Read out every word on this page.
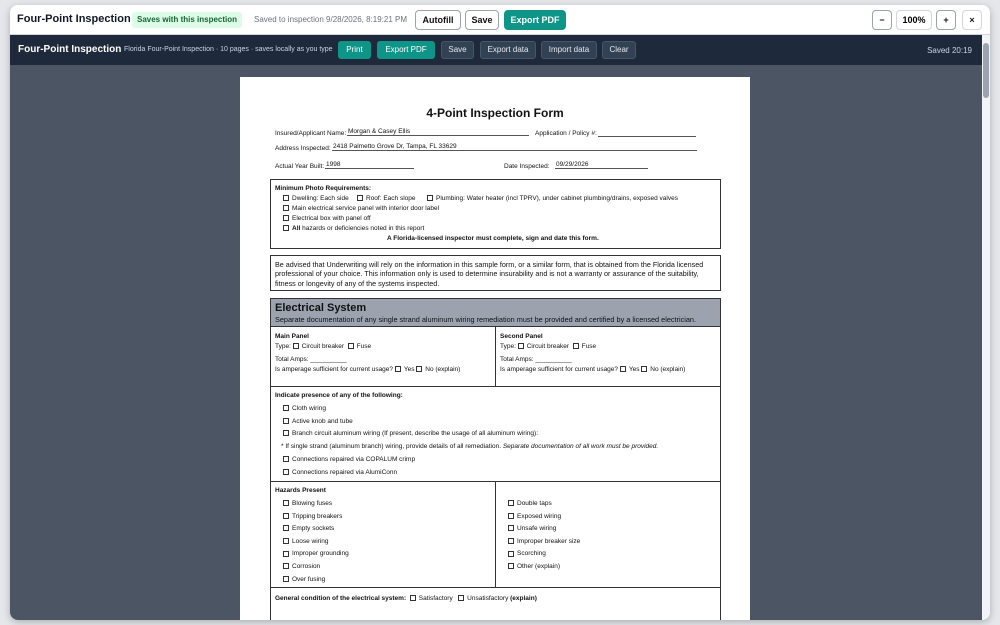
Four-Point Inspection Saves with this inspection	Saved to inspection 9/28/2026, 8:19:21 PM	Autofill	Save	Export PDF	−	100%	+	×
Four-Point Inspection Florida Four-Point Inspection · 10 pages · saves locally as you type	Print	Export PDF	Save	Export data	Import data	Clear	Saved 20:19
4-Point Inspection Form
Insured/Applicant Name: Morgan & Casey Ellis	Application / Policy #:
Address Inspected: 2418 Palmetto Grove Dr, Tampa, FL 33629
Actual Year Built: 1998	Date Inspected: 09/29/2026
Minimum Photo Requirements:
Dwelling: Each side	Roof: Each slope	Plumbing: Water heater (incl TPRV), under cabinet plumbing/drains, exposed valves
Main electrical service panel with interior door label
Electrical box with panel off
All hazards or deficiencies noted in this report
A Florida-licensed inspector must complete, sign and date this form.
Be advised that Underwriting will rely on the information in this sample form, or a similar form, that is obtained from the Florida licensed professional of your choice. This information only is used to determine insurability and is not a warranty or assurance of the suitability, fitness or longevity of any of the systems inspected.
Electrical System
Separate documentation of any single strand aluminum wiring remediation must be provided and certified by a licensed electrician.
Main Panel
Type: Circuit breaker Fuse
Total Amps: __________
Is amperage sufficient for current usage? Yes No (explain)
Second Panel
Type: Circuit breaker Fuse
Total Amps: __________
Is amperage sufficient for current usage? Yes No (explain)
Indicate presence of any of the following:
Cloth wiring
Active knob and tube
Branch circuit aluminum wiring (If present, describe the usage of all aluminum wiring):
* If single strand (aluminum branch) wiring, provide details of all remediation. Separate documentation of all work must be provided.
Connections repaired via COPALUM crimp
Connections repaired via AlumiConn
Hazards Present
Blowing fuses
Tripping breakers
Empty sockets
Loose wiring
Improper grounding
Corrosion
Over fusing
Double taps
Exposed wiring
Unsafe wiring
Improper breaker size
Scorching
Other (explain)
General condition of the electrical system: Satisfactory Unsatisfactory (explain)
